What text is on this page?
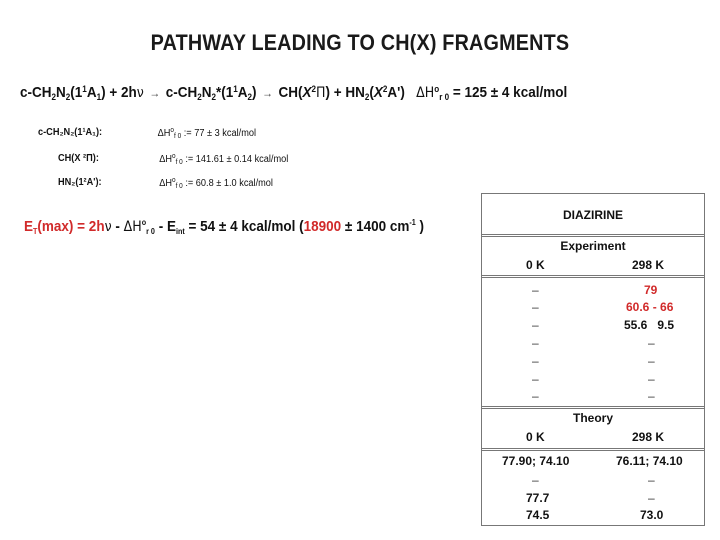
PATHWAY LEADING TO CH(X) FRAGMENTS
$c-CH_2N_2(1^1A_1) + 2h\nu \to c-CH_2N_2*(1^1A_2) \to CH(X^2\Pi) + HN_2(X^2A') \Delta H^o_{r 0} = 125 \pm 4$ kcal/mol
c-CH₂N₂(1¹A₁):	$\Delta H^o_{f 0}$ := 77 ± 3 kcal/mol
CH(X ²Π):	$\Delta H^o_{f 0}$ := 141.61 ± 0.14 kcal/mol
HN₂(1²A'):	$\Delta H^o_{f 0}$ := 60.8 ± 1.0 kcal/mol
$E_T(\max) = 2h\nu - \Delta H^o_{r 0} - E_{int} = 54 \pm 4$ kcal/mol (18900 ± 1400 $cm^{-1}$ )
DIAZIRINE
Experiment
0 K	298 K
–	79
–	60.6 - 66
–	55.6   9.5
–	–
–	–
–	–
–	–
Theory
0 K	298 K
77.90; 74.10	76.11; 74.10
–	–
77.7	–
74.5	73.0
